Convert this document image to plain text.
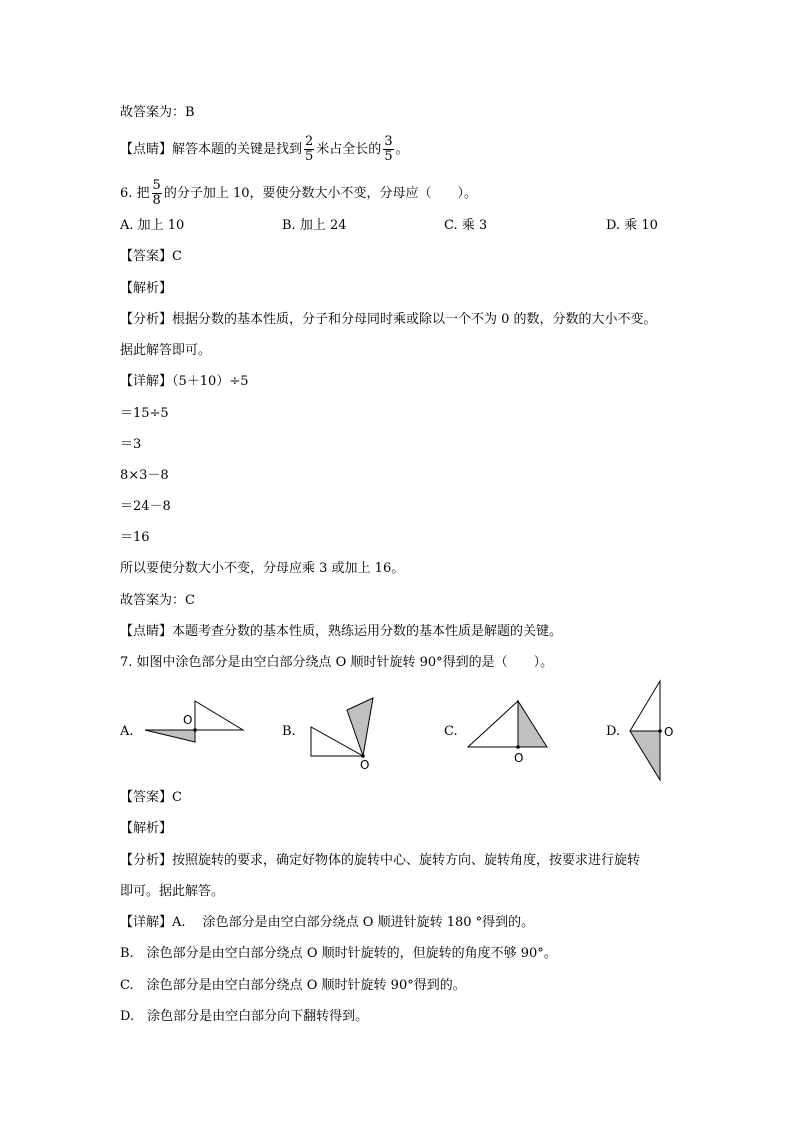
故答案为：B
【点睛】解答本题的关键是找到 $\frac{2}{5}$ 米占全长的 $\frac{3}{5}$ 。
6. 把 $\frac{5}{8}$ 的分子加上 10，要使分数大小不变，分母应（　　）。
A. 加上 10	B. 加上 24	C. 乘 3	D. 乘 10
【答案】C
【解析】
【分析】根据分数的基本性质，分子和分母同时乘或除以一个不为 0 的数，分数的大小不变。
据此解答即可。
【详解】（5＋10）÷5
＝15÷5
＝3
8×3－8
＝24－8
＝16
所以要使分数大小不变，分母应乘 3 或加上 16。
故答案为：C
【点睛】本题考查分数的基本性质，熟练运用分数的基本性质是解题的关键。
7. 如图中涂色部分是由空白部分绕点 O 顺时针旋转 90°得到的是（　　）。
A.	B.	C.	D.
O
O	O
O
【答案】C
【解析】
【分析】按照旋转的要求，确定好物体的旋转中心、旋转方向、旋转角度，按要求进行旋转
即可。据此解答。
【详解】A.　 涂色部分是由空白部分绕点 O 顺进针旋转 180 °得到的。
B.　涂色部分是由空白部分绕点 O 顺时针旋转的，但旋转的角度不够 90°。
C.　涂色部分是由空白部分绕点 O 顺时针旋转 90°得到的。
D.　涂色部分是由空白部分向下翻转得到。
